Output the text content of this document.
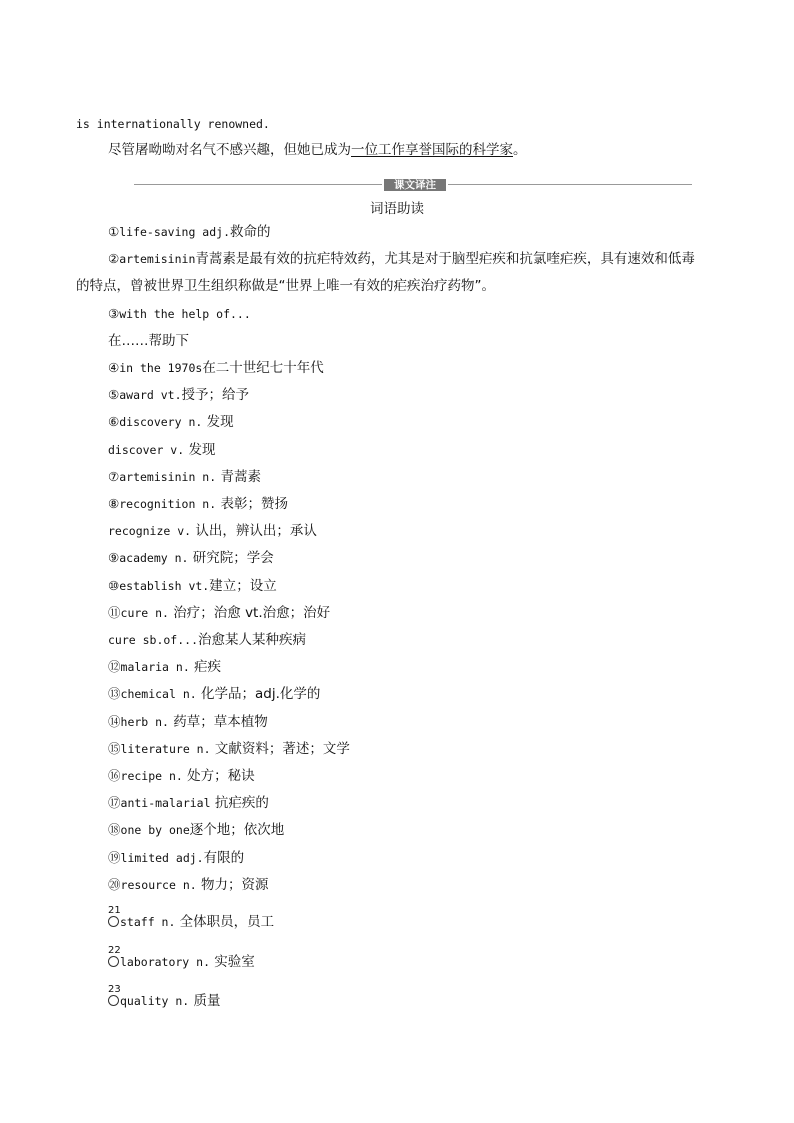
is internationally renowned.
尽管屠呦呦对名气不感兴趣，但她已成为一位工作享誉国际的科学家。
课文译注
词语助读
①life-saving adj.救命的
②artemisinin青蒿素是最有效的抗疟特效药，尤其是对于脑型疟疾和抗氯喹疟疾，具有速效和低毒
的特点，曾被世界卫生组织称做是“世界上唯一有效的疟疾治疗药物”。
③with the help of...
在……帮助下
④in the 1970s在二十世纪七十年代
⑤award vt.授予；给予
⑥discovery n. 发现
discover v. 发现
⑦artemisinin n. 青蒿素
⑧recognition n. 表彰；赞扬
recognize v. 认出，辨认出；承认
⑨academy n. 研究院；学会
⑩establish vt.建立；设立
⑪cure n. 治疗；治愈 vt.治愈；治好
cure sb.of...治愈某人某种疾病
⑫malaria n. 疟疾
⑬chemical n. 化学品；adj.化学的
⑭herb n. 药草；草本植物
⑮literature n. 文献资料；著述；文学
⑯recipe n. 处方；秘诀
⑰anti-malarial 抗疟疾的
⑱one by one逐个地；依次地
⑲limited adj.有限的
⑳resource n. 物力；资源
21
staff n. 全体职员，员工
22
laboratory n. 实验室
23
quality n. 质量
